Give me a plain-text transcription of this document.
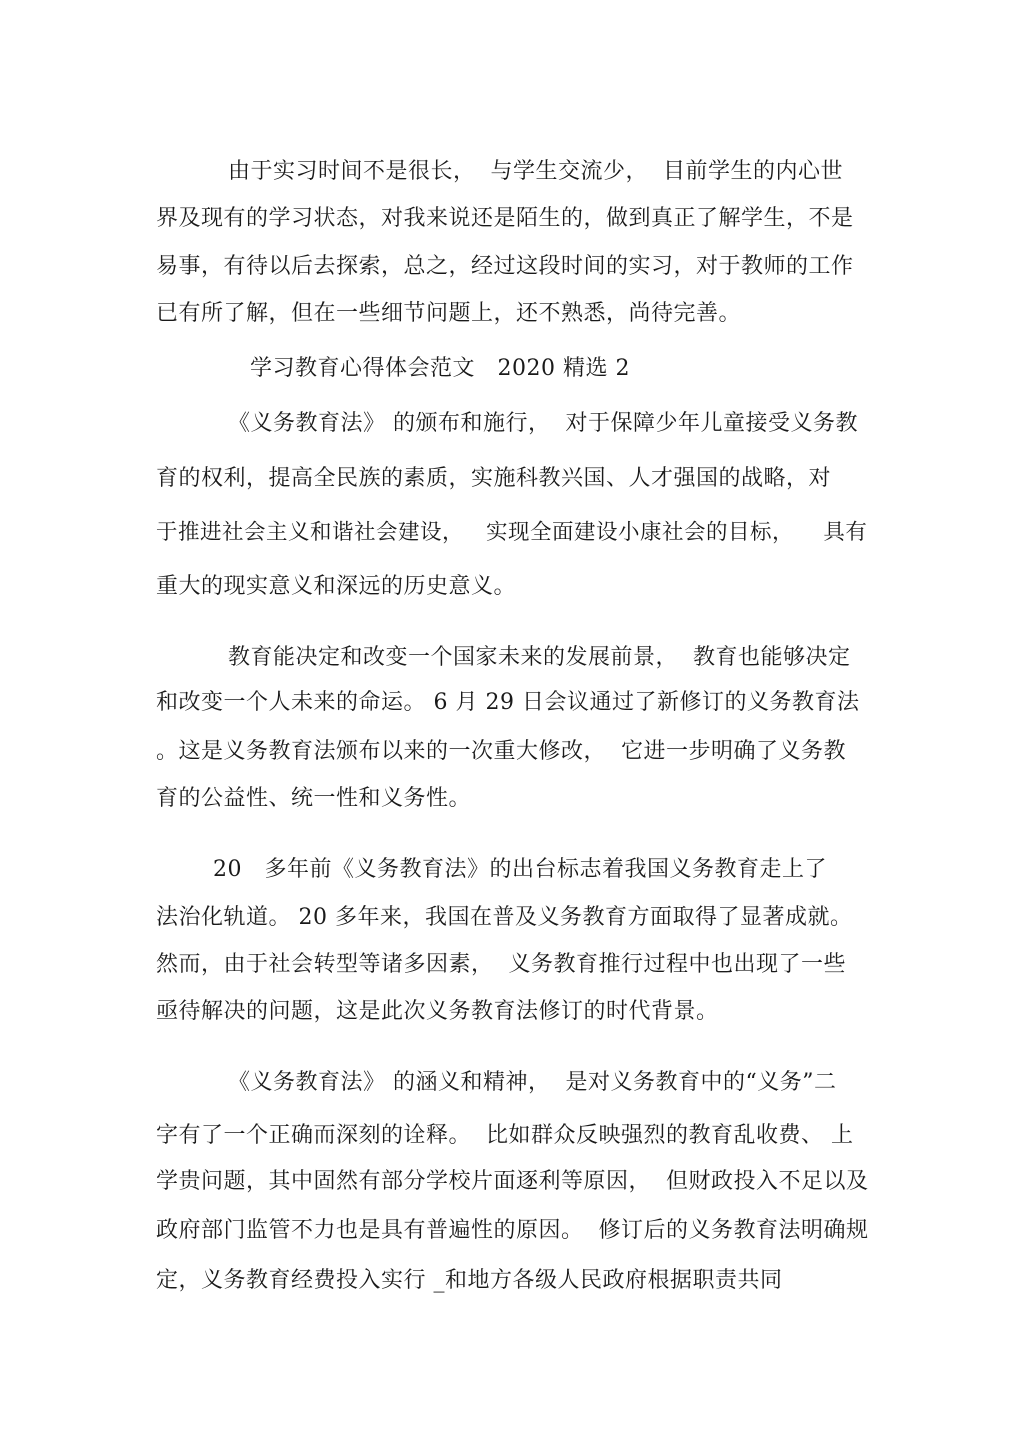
由于实习时间不是很长，  与学生交流少，  目前学生的内心世
界及现有的学习状态，对我来说还是陌生的，做到真正了解学生，不是
易事，有待以后去探索，总之，经过这段时间的实习，对于教师的工作
已有所了解，但在一些细节问题上，还不熟悉，尚待完善。
学习教育心得体会范文   2020 精选 2
《义务教育法》 的颁布和施行，  对于保障少年儿童接受义务教
育的权利，提高全民族的素质，实施科教兴国、人才强国的战略，对
于推进社会主义和谐社会建设，   实现全面建设小康社会的目标，    具有
重大的现实意义和深远的历史意义。
教育能决定和改变一个国家未来的发展前景，  教育也能够决定
和改变一个人未来的命运。 6 月 29 日会议通过了新修订的义务教育法
。这是义务教育法颁布以来的一次重大修改，  它进一步明确了义务教
育的公益性、统一性和义务性。
20   多年前《义务教育法》的出台标志着我国义务教育走上了
法治化轨道。 20 多年来，我国在普及义务教育方面取得了显著成就。
然而，由于社会转型等诸多因素，  义务教育推行过程中也出现了一些
亟待解决的问题，这是此次义务教育法修订的时代背景。
《义务教育法》 的涵义和精神，  是对义务教育中的“义务”二
字有了一个正确而深刻的诠释。  比如群众反映强烈的教育乱收费、 上
学贵问题，其中固然有部分学校片面逐利等原因，  但财政投入不足以及
政府部门监管不力也是具有普遍性的原因。  修订后的义务教育法明确规
定，义务教育经费投入实行 _和地方各级人民政府根据职责共同
